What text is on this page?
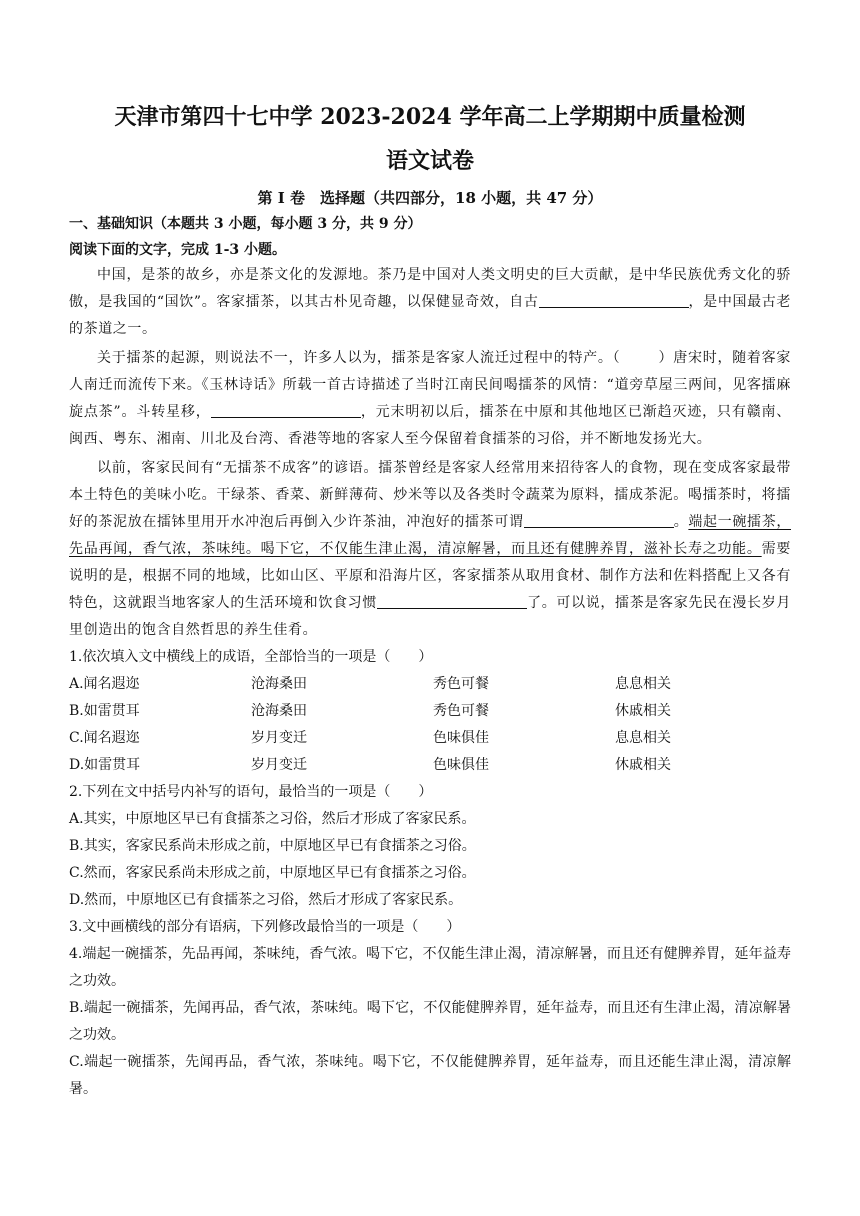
天津市第四十七中学 2023-2024 学年高二上学期期中质量检测
语文试卷
第 I 卷　选择题（共四部分，18 小题，共 47 分）
一、基础知识（本题共 3 小题，每小题 3 分，共 9 分）
阅读下面的文字，完成 1-3 小题。
中国，是茶的故乡，亦是茶文化的发源地。茶乃是中国对人类文明史的巨大贡献，是中华民族优秀文化的骄傲，是我国的“国饮”。客家擂茶，以其古朴见奇趣，以保健显奇效，自古	，是中国最古老的茶道之一。
关于擂茶的起源，则说法不一，许多人以为，擂茶是客家人流迁过程中的特产。（	）唐宋时，随着客家人南迁而流传下来。《玉林诗话》所载一首古诗描述了当时江南民间喝擂茶的风情：“道旁草屋三两间，见客擂麻旋点茶”。斗转星移，	，元末明初以后，擂茶在中原和其他地区已渐趋灭迹，只有赣南、闽西、粤东、湘南、川北及台湾、香港等地的客家人至今保留着食擂茶的习俗，并不断地发扬光大。
以前，客家民间有“无擂茶不成客”的谚语。擂茶曾经是客家人经常用来招待客人的食物，现在变成客家最带本土特色的美味小吃。干绿茶、香菜、新鲜薄荷、炒米等以及各类时令蔬菜为原料，擂成茶泥。喝擂茶时，将擂好的茶泥放在擂钵里用开水冲泡后再倒入少许茶油，冲泡好的擂茶可谓	。端起一碗擂茶，先品再闻，香气浓，茶味纯。喝下它，不仅能生津止渴，清凉解暑，而且还有健脾养胃，滋补长寿之功能。需要说明的是，根据不同的地域，比如山区、平原和沿海片区，客家擂茶从取用食材、制作方法和佐料搭配上又各有特色，这就跟当地客家人的生活环境和饮食习惯	了。可以说，擂茶是客家先民在漫长岁月里创造出的饱含自然哲思的养生佳肴。
1.依次填入文中横线上的成语，全部恰当的一项是（　　）
A.闻名遐迩	沧海桑田	秀色可餐	息息相关
B.如雷贯耳	沧海桑田	秀色可餐	休戚相关
C.闻名遐迩	岁月变迁	色味俱佳	息息相关
D.如雷贯耳	岁月变迁	色味俱佳	休戚相关
2.下列在文中括号内补写的语句，最恰当的一项是（　　）
A.其实，中原地区早已有食擂茶之习俗，然后才形成了客家民系。
B.其实，客家民系尚未形成之前，中原地区早已有食擂茶之习俗。
C.然而，客家民系尚未形成之前，中原地区早已有食擂茶之习俗。
D.然而，中原地区已有食擂茶之习俗，然后才形成了客家民系。
3.文中画横线的部分有语病，下列修改最恰当的一项是（　　）
4.端起一碗擂茶，先品再闻，茶味纯，香气浓。喝下它，不仅能生津止渴，清凉解暑，而且还有健脾养胃，延年益寿之功效。
B.端起一碗擂茶，先闻再品，香气浓，茶味纯。喝下它，不仅能健脾养胃，延年益寿，而且还有生津止渴，清凉解暑之功效。
C.端起一碗擂茶，先闻再品，香气浓，茶味纯。喝下它，不仅能健脾养胃，延年益寿，而且还能生津止渴，清凉解暑。
